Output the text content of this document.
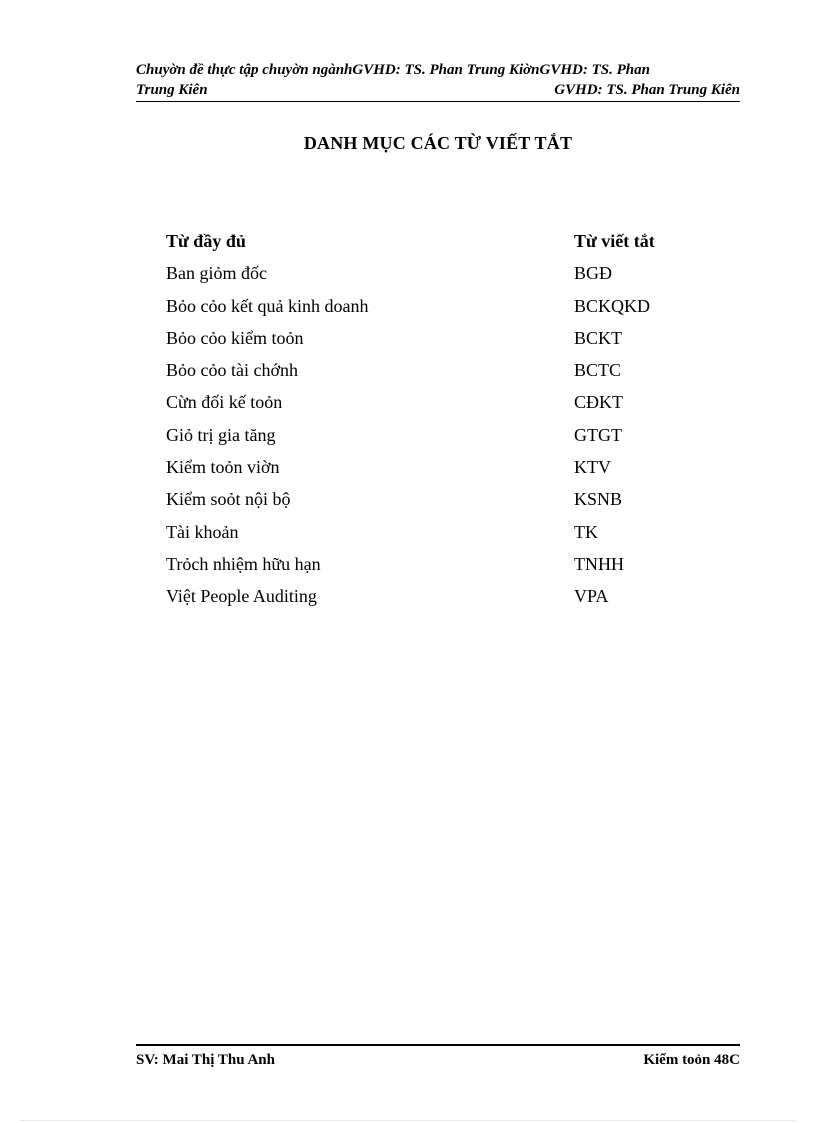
Chuyờn đề thực tập chuyờn ngànhGVHD: TS. Phan Trung KiờnGVHD: TS. Phan
Trung Kiên	GVHD: TS. Phan Trung Kiên
DANH MỤC CÁC TỪ VIẾT TẮT
Từ đầy đủ	Từ viết tắt
Ban giỏm đốc	BGĐ
Bỏo cỏo kết quả kinh doanh	BCKQKD
Bỏo cỏo kiểm toỏn	BCKT
Bỏo cỏo tài chớnh	BCTC
Cừn đối kế toỏn	CĐKT
Giỏ trị gia tăng	GTGT
Kiểm toỏn viờn	KTV
Kiểm soỏt nội bộ	KSNB
Tài khoản	TK
Trỏch nhiệm hữu hạn	TNHH
Việt People Auditing	VPA
SV: Mai Thị Thu Anh	Kiểm toỏn 48C
